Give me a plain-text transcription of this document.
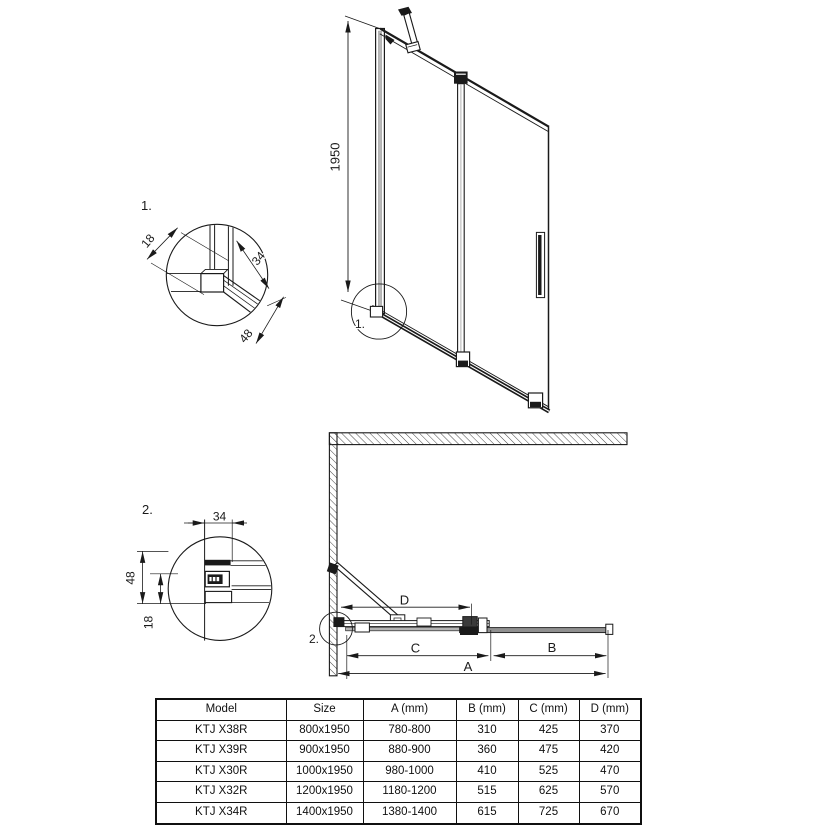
1950
1.
1.
18
34
48
2.
D
C	B
A
2.	34
48
18
Model	Size	A (mm)	B (mm)	C (mm)	D (mm)
KTJ X38R	800x1950	780-800	310	425	370
KTJ X39R	900x1950	880-900	360	475	420
KTJ X30R	1000x1950	980-1000	410	525	470
KTJ X32R	1200x1950	1180-1200	515	625	570
KTJ X34R	1400x1950	1380-1400	615	725	670
